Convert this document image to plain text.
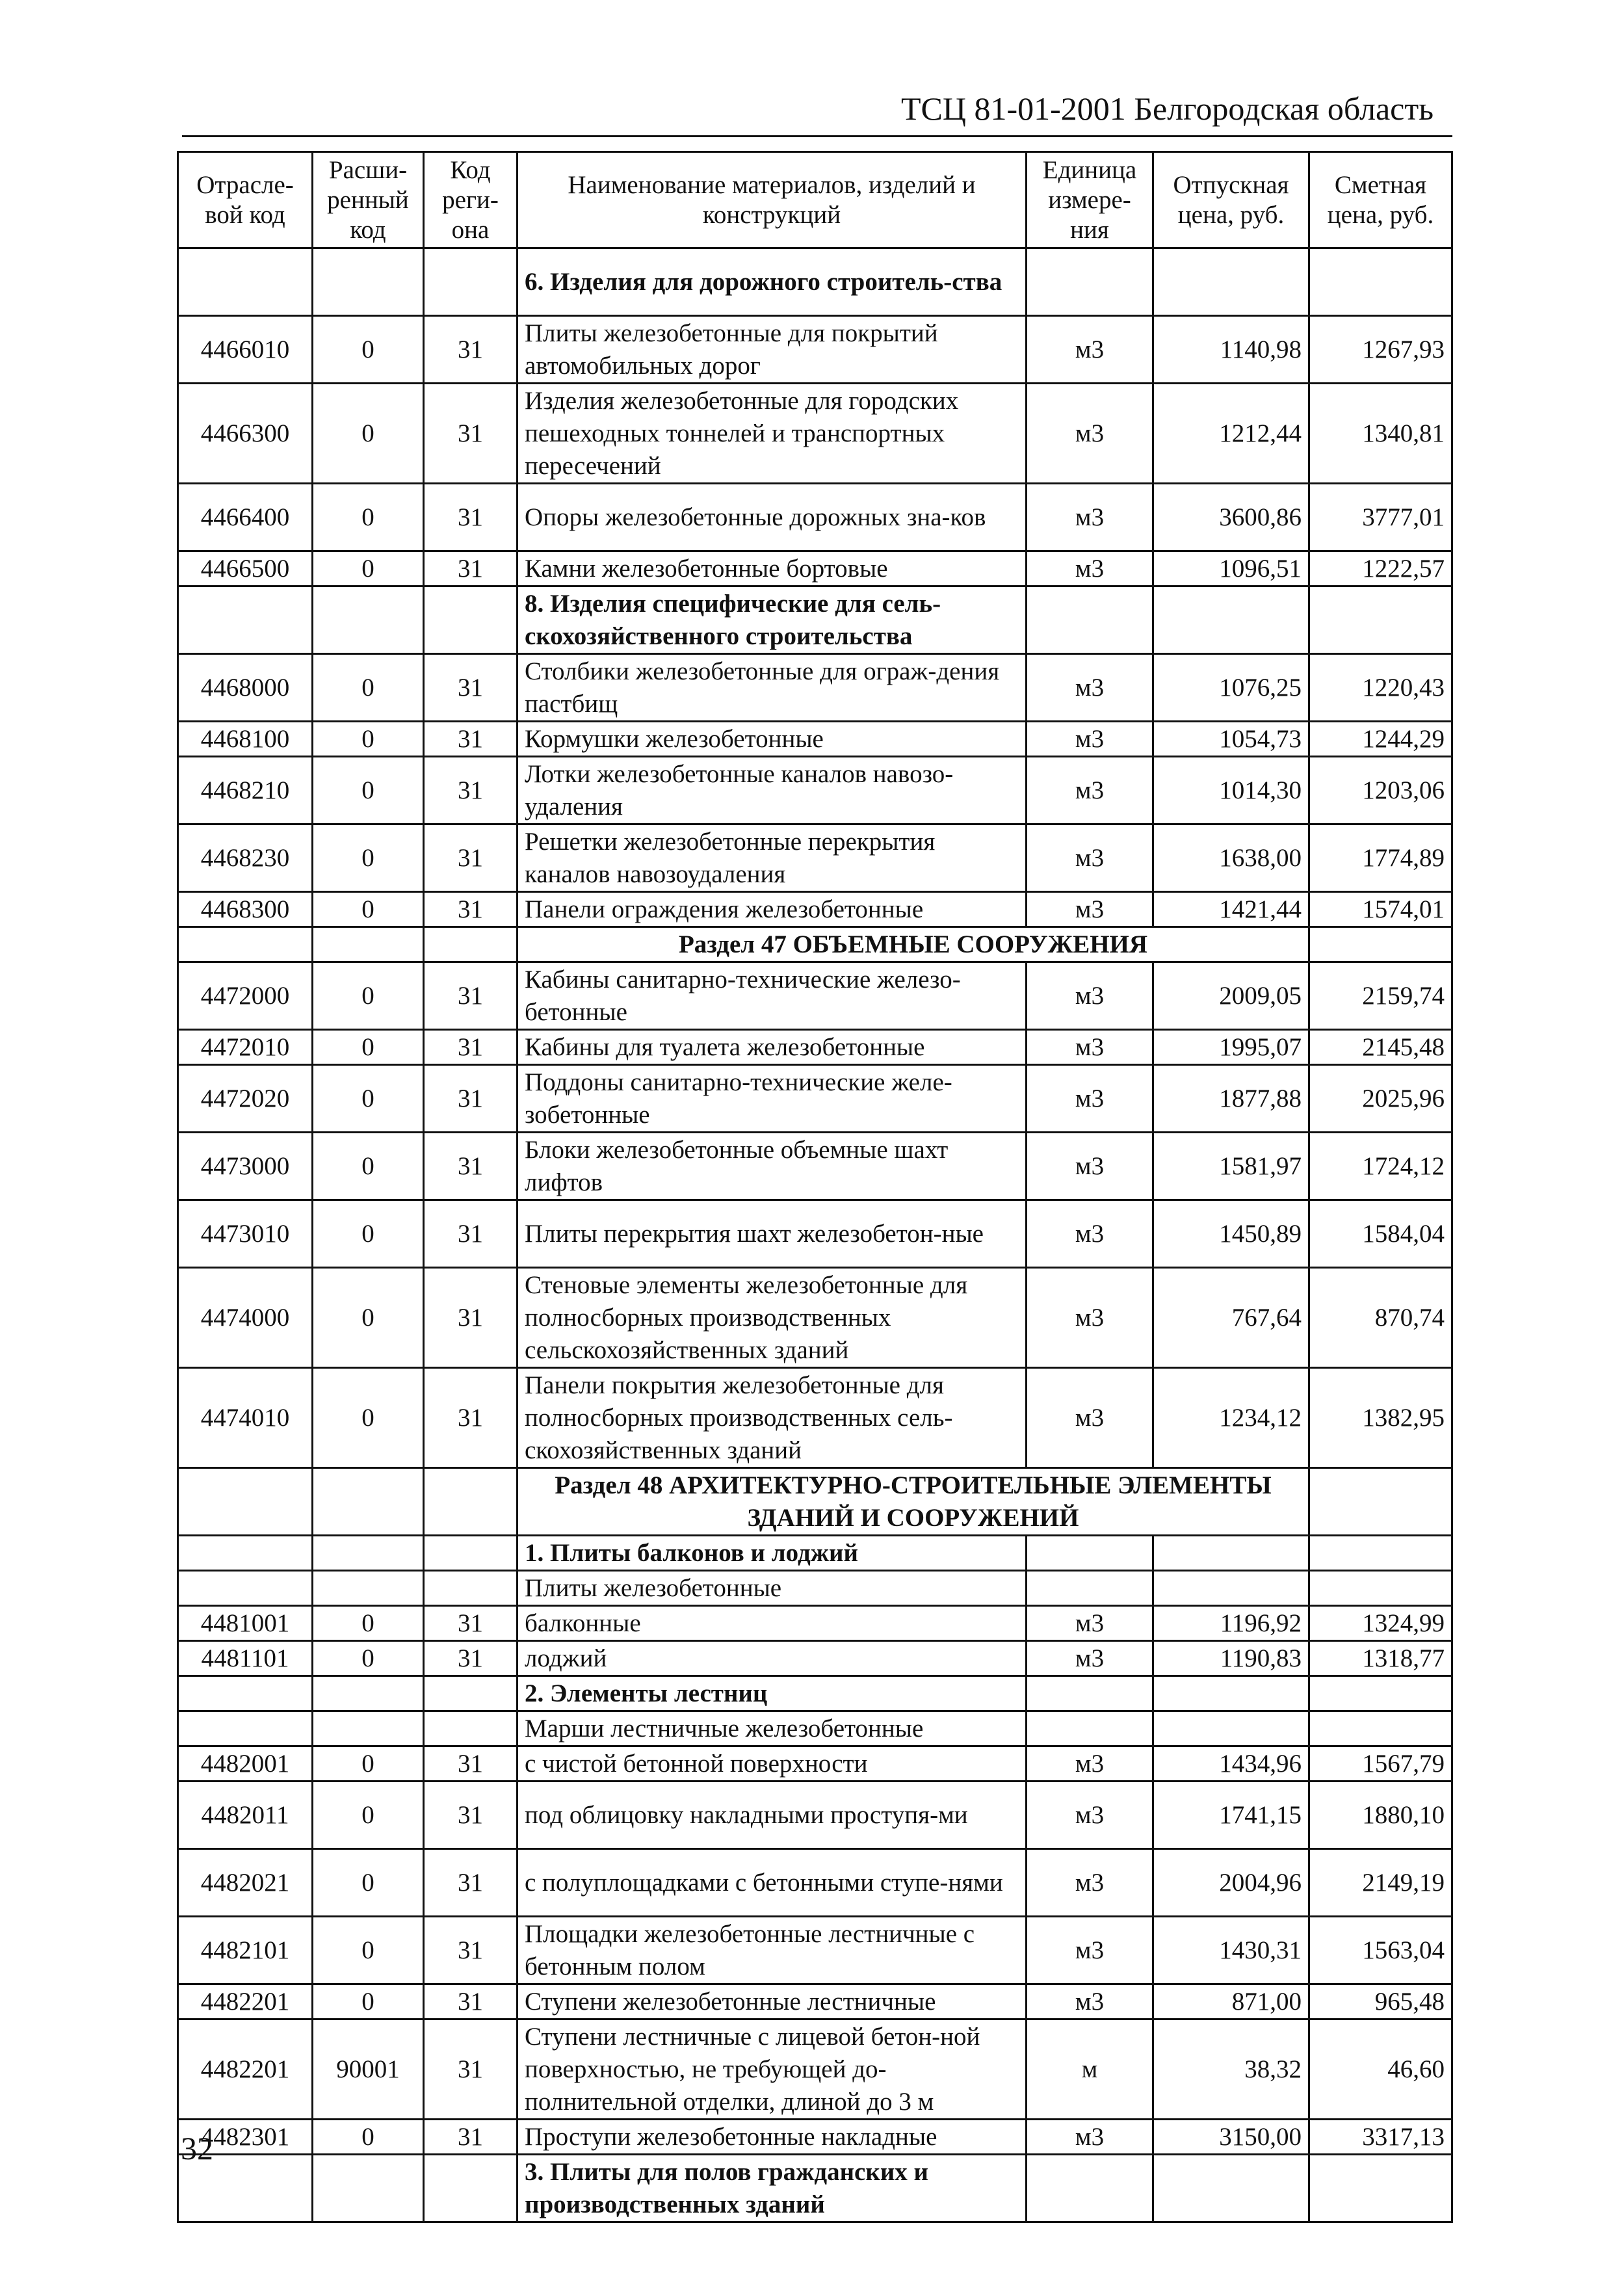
ТСЦ 81-01-2001 Белгородская область
Отрасле-вой код	Расши-ренный код	Код реги-она	Наименование материалов, изделий и конструкций	Единица измере-ния	Отпускная цена, руб.	Сметная цена, руб.
			6. Изделия для дорожного строитель-ства			
4466010	0	31	Плиты железобетонные для покрытий автомобильных дорог	м3	1140,98	1267,93
4466300	0	31	Изделия железобетонные для городских пешеходных тоннелей и транспортных пересечений	м3	1212,44	1340,81
4466400	0	31	Опоры железобетонные дорожных зна-ков	м3	3600,86	3777,01
4466500	0	31	Камни железобетонные бортовые	м3	1096,51	1222,57
			8. Изделия специфические для сель-скохозяйственного строительства			
4468000	0	31	Столбики железобетонные для ограж-дения пастбищ	м3	1076,25	1220,43
4468100	0	31	Кормушки железобетонные	м3	1054,73	1244,29
4468210	0	31	Лотки железобетонные каналов навозо-удаления	м3	1014,30	1203,06
4468230	0	31	Решетки железобетонные перекрытия каналов навозоудаления	м3	1638,00	1774,89
4468300	0	31	Панели ограждения железобетонные	м3	1421,44	1574,01
			Раздел 47 ОБЪЕМНЫЕ СООРУЖЕНИЯ			
4472000	0	31	Кабины санитарно-технические железо-бетонные	м3	2009,05	2159,74
4472010	0	31	Кабины для туалета железобетонные	м3	1995,07	2145,48
4472020	0	31	Поддоны санитарно-технические желе-зобетонные	м3	1877,88	2025,96
4473000	0	31	Блоки железобетонные объемные шахт лифтов	м3	1581,97	1724,12
4473010	0	31	Плиты перекрытия шахт железобетон-ные	м3	1450,89	1584,04
4474000	0	31	Стеновые элементы железобетонные для полносборных производственных сельскохозяйственных зданий	м3	767,64	870,74
4474010	0	31	Панели покрытия железобетонные для полносборных производственных сель-скохозяйственных зданий	м3	1234,12	1382,95
			Раздел 48 АРХИТЕКТУРНО-СТРОИТЕЛЬНЫЕ ЭЛЕМЕНТЫ ЗДАНИЙ И СООРУЖЕНИЙ			
			1. Плиты балконов и лоджий			
			Плиты железобетонные			
4481001	0	31	балконные	м3	1196,92	1324,99
4481101	0	31	лоджий	м3	1190,83	1318,77
			2. Элементы лестниц			
			Марши лестничные железобетонные			
4482001	0	31	с чистой бетонной поверхности	м3	1434,96	1567,79
4482011	0	31	под облицовку накладными проступя-ми	м3	1741,15	1880,10
4482021	0	31	с полуплощадками с бетонными ступе-нями	м3	2004,96	2149,19
4482101	0	31	Площадки железобетонные лестничные с бетонным полом	м3	1430,31	1563,04
4482201	0	31	Ступени железобетонные лестничные	м3	871,00	965,48
4482201	90001	31	Ступени лестничные с лицевой бетон-ной поверхностью, не требующей до-полнительной отделки, длиной до 3 м	м	38,32	46,60
4482301	0	31	Проступи железобетонные накладные	м3	3150,00	3317,13
			3. Плиты для полов гражданских и производственных зданий			
32
